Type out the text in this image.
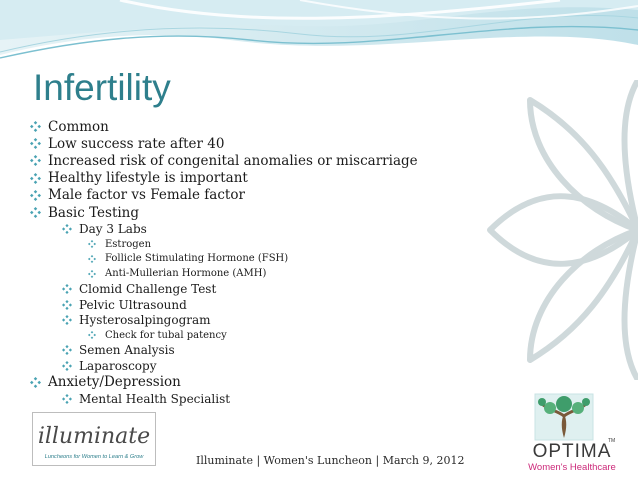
Infertility
Common
Low success rate after 40
Increased risk of congenital anomalies or miscarriage
Healthy lifestyle is important
Male factor vs Female factor
Basic Testing
Day 3 Labs
Estrogen
Follicle Stimulating Hormone (FSH)
Anti-Mullerian Hormone (AMH)
Clomid Challenge Test
Pelvic Ultrasound
Hysterosalpingogram
Check for tubal patency
Semen Analysis
Laparoscopy
Anxiety/Depression
Mental Health Specialist
illuminate
Luncheons for Women to Learn & Grow
TM
OPTIMA
Women's Healthcare
Illuminate | Women's Luncheon | March 9, 2012
